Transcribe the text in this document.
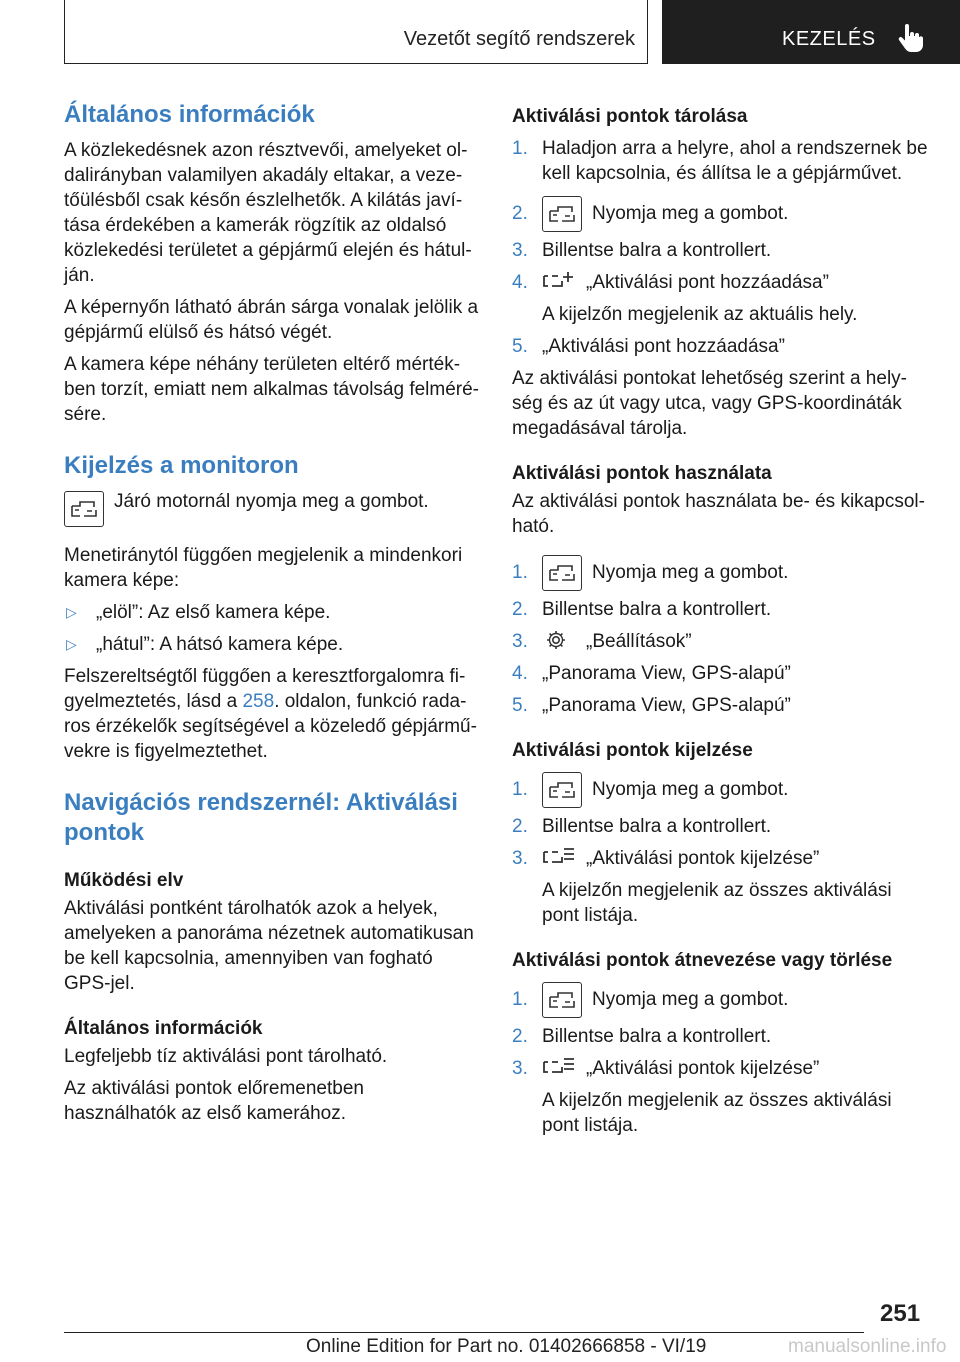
Vezetőt segítő rendszerek	KEZELÉS
Általános információk

A közlekedésnek azon résztvevői, amelyeket ol-dalirányban valamilyen akadály eltakar, a veze-tőülésből csak későn észlelhetők. A kilátás javí-tása érdekében a kamerák rögzítik az oldalsó közlekedési területet a gépjármű elején és hátul-ján.

A képernyőn látható ábrán sárga vonalak jelölik a gépjármű elülső és hátsó végét.

A kamera képe néhány területen eltérő mérték-ben torzít, emiatt nem alkalmas távolság felméré-sére.

Kijelzés a monitoron

Járó motornál nyomja meg a gombot.

Menetiránytól függően megjelenik a mindenkori kamera képe:

▷ „elöl”: Az első kamera képe.

▷ „hátul”: A hátsó kamera képe.

Felszereltségtől függően a keresztforgalomra fi-gyelmeztetés, lásd a 258. oldalon, funkció rada-ros érzékelők segítségével a közeledő gépjármű-vekre is figyelmeztethet.

Navigációs rendszernél: Aktiválási pontok
Működési elv

Aktiválási pontként tárolhatók azok a helyek, amelyeken a panoráma nézetnek automatikusan be kell kapcsolnia, amennyiben van fogható GPS-jel.

Általános információk

Legfeljebb tíz aktiválási pont tárolható.

Az aktiválási pontok előremenetben használhatók az első kamerához.

Aktiválási pontok tárolása

1. Haladjon arra a helyre, ahol a rendszernek be kell kapcsolnia, és állítsa le a gépjárművet.

2.	Nyomja meg a gombot.

3. Billentse balra a kontrollert.

4.	„Aktiválási pont hozzáadása”

A kijelzőn megjelenik az aktuális hely.

5. „Aktiválási pont hozzáadása”

Az aktiválási pontokat lehetőség szerint a hely-ség és az út vagy utca, vagy GPS-koordináták megadásával tárolja.

Aktiválási pontok használata

Az aktiválási pontok használata be- és kikapcsol-ható.

1.	Nyomja meg a gombot.

2. Billentse balra a kontrollert.

3.	„Beállítások”

4. „Panorama View, GPS-alapú”

5. „Panorama View, GPS-alapú”

Aktiválási pontok kijelzése

1.	Nyomja meg a gombot.

2. Billentse balra a kontrollert.

3.	„Aktiválási pontok kijelzése”

A kijelzőn megjelenik az összes aktiválási pont listája.

Aktiválási pontok átnevezése vagy törlése

1.	Nyomja meg a gombot.

2. Billentse balra a kontrollert.

3.	„Aktiválási pontok kijelzése”

A kijelzőn megjelenik az összes aktiválási pont listája.

251
Online Edition for Part no. 01402666858 - VI/19	manualsonline.info
